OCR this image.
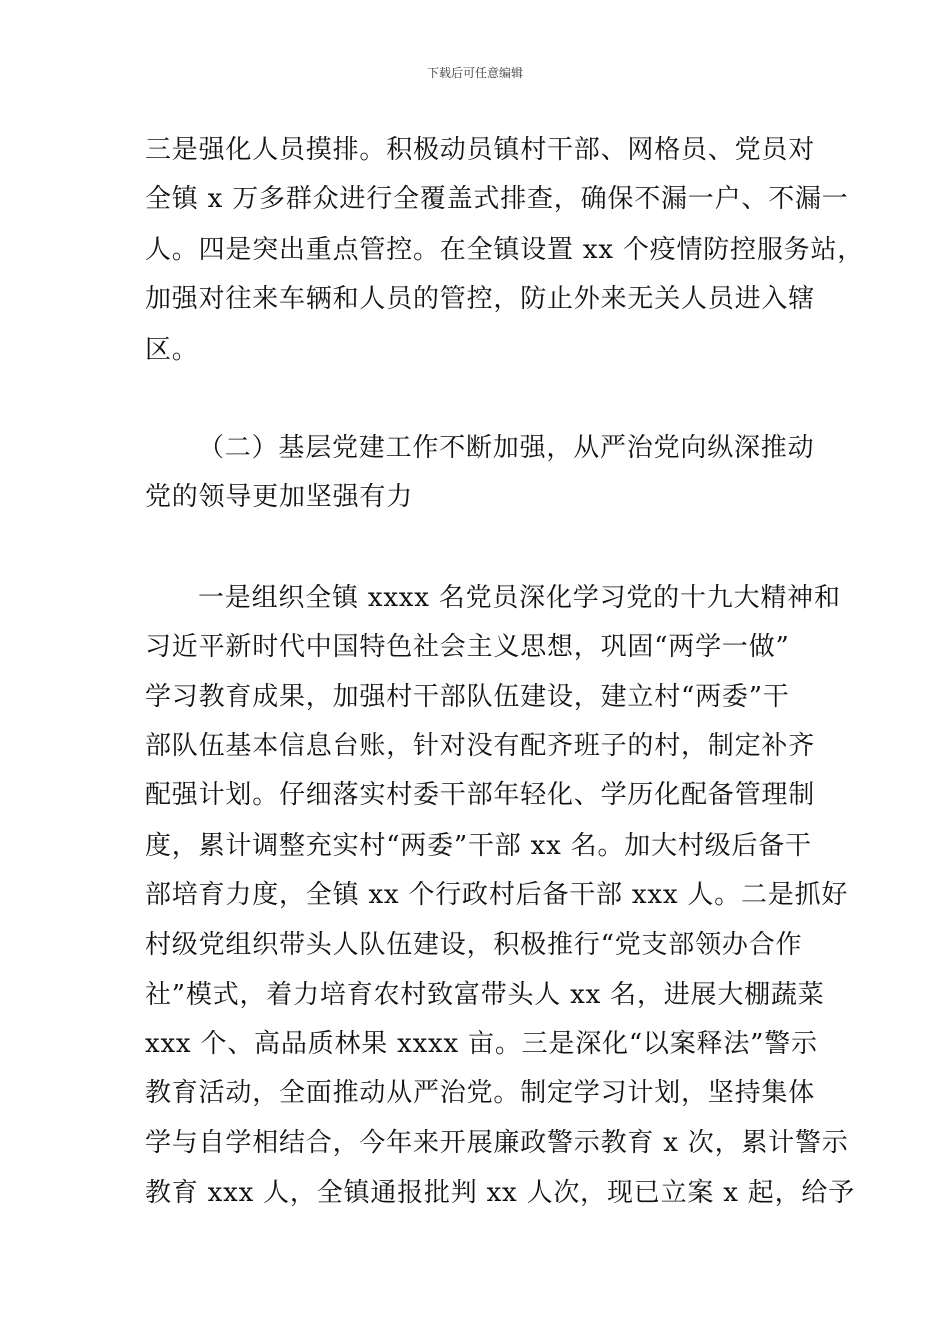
下载后可任意编辑
三是强化人员摸排。积极动员镇村干部、网格员、党员对
全镇 x 万多群众进行全覆盖式排查，确保不漏一户、不漏一
人。四是突出重点管控。在全镇设置 xx 个疫情防控服务站，
加强对往来车辆和人员的管控，防止外来无关人员进入辖
区。
（二）基层党建工作不断加强，从严治党向纵深推动
党的领导更加坚强有力
一是组织全镇 xxxx 名党员深化学习党的十九大精神和
习近平新时代中国特色社会主义思想，巩固“两学一做”
学习教育成果，加强村干部队伍建设，建立村“两委”干
部队伍基本信息台账，针对没有配齐班子的村，制定补齐
配强计划。仔细落实村委干部年轻化、学历化配备管理制
度，累计调整充实村“两委”干部 xx 名。加大村级后备干
部培育力度，全镇 xx 个行政村后备干部 xxx 人。二是抓好
村级党组织带头人队伍建设，积极推行“党支部领办合作
社”模式，着力培育农村致富带头人 xx 名，进展大棚蔬菜
xxx 个、高品质林果 xxxx 亩。三是深化“以案释法”警示
教育活动，全面推动从严治党。制定学习计划，坚持集体
学与自学相结合，今年来开展廉政警示教育 x 次，累计警示
教育 xxx 人，全镇通报批判 xx 人次，现已立案 x 起，给予
